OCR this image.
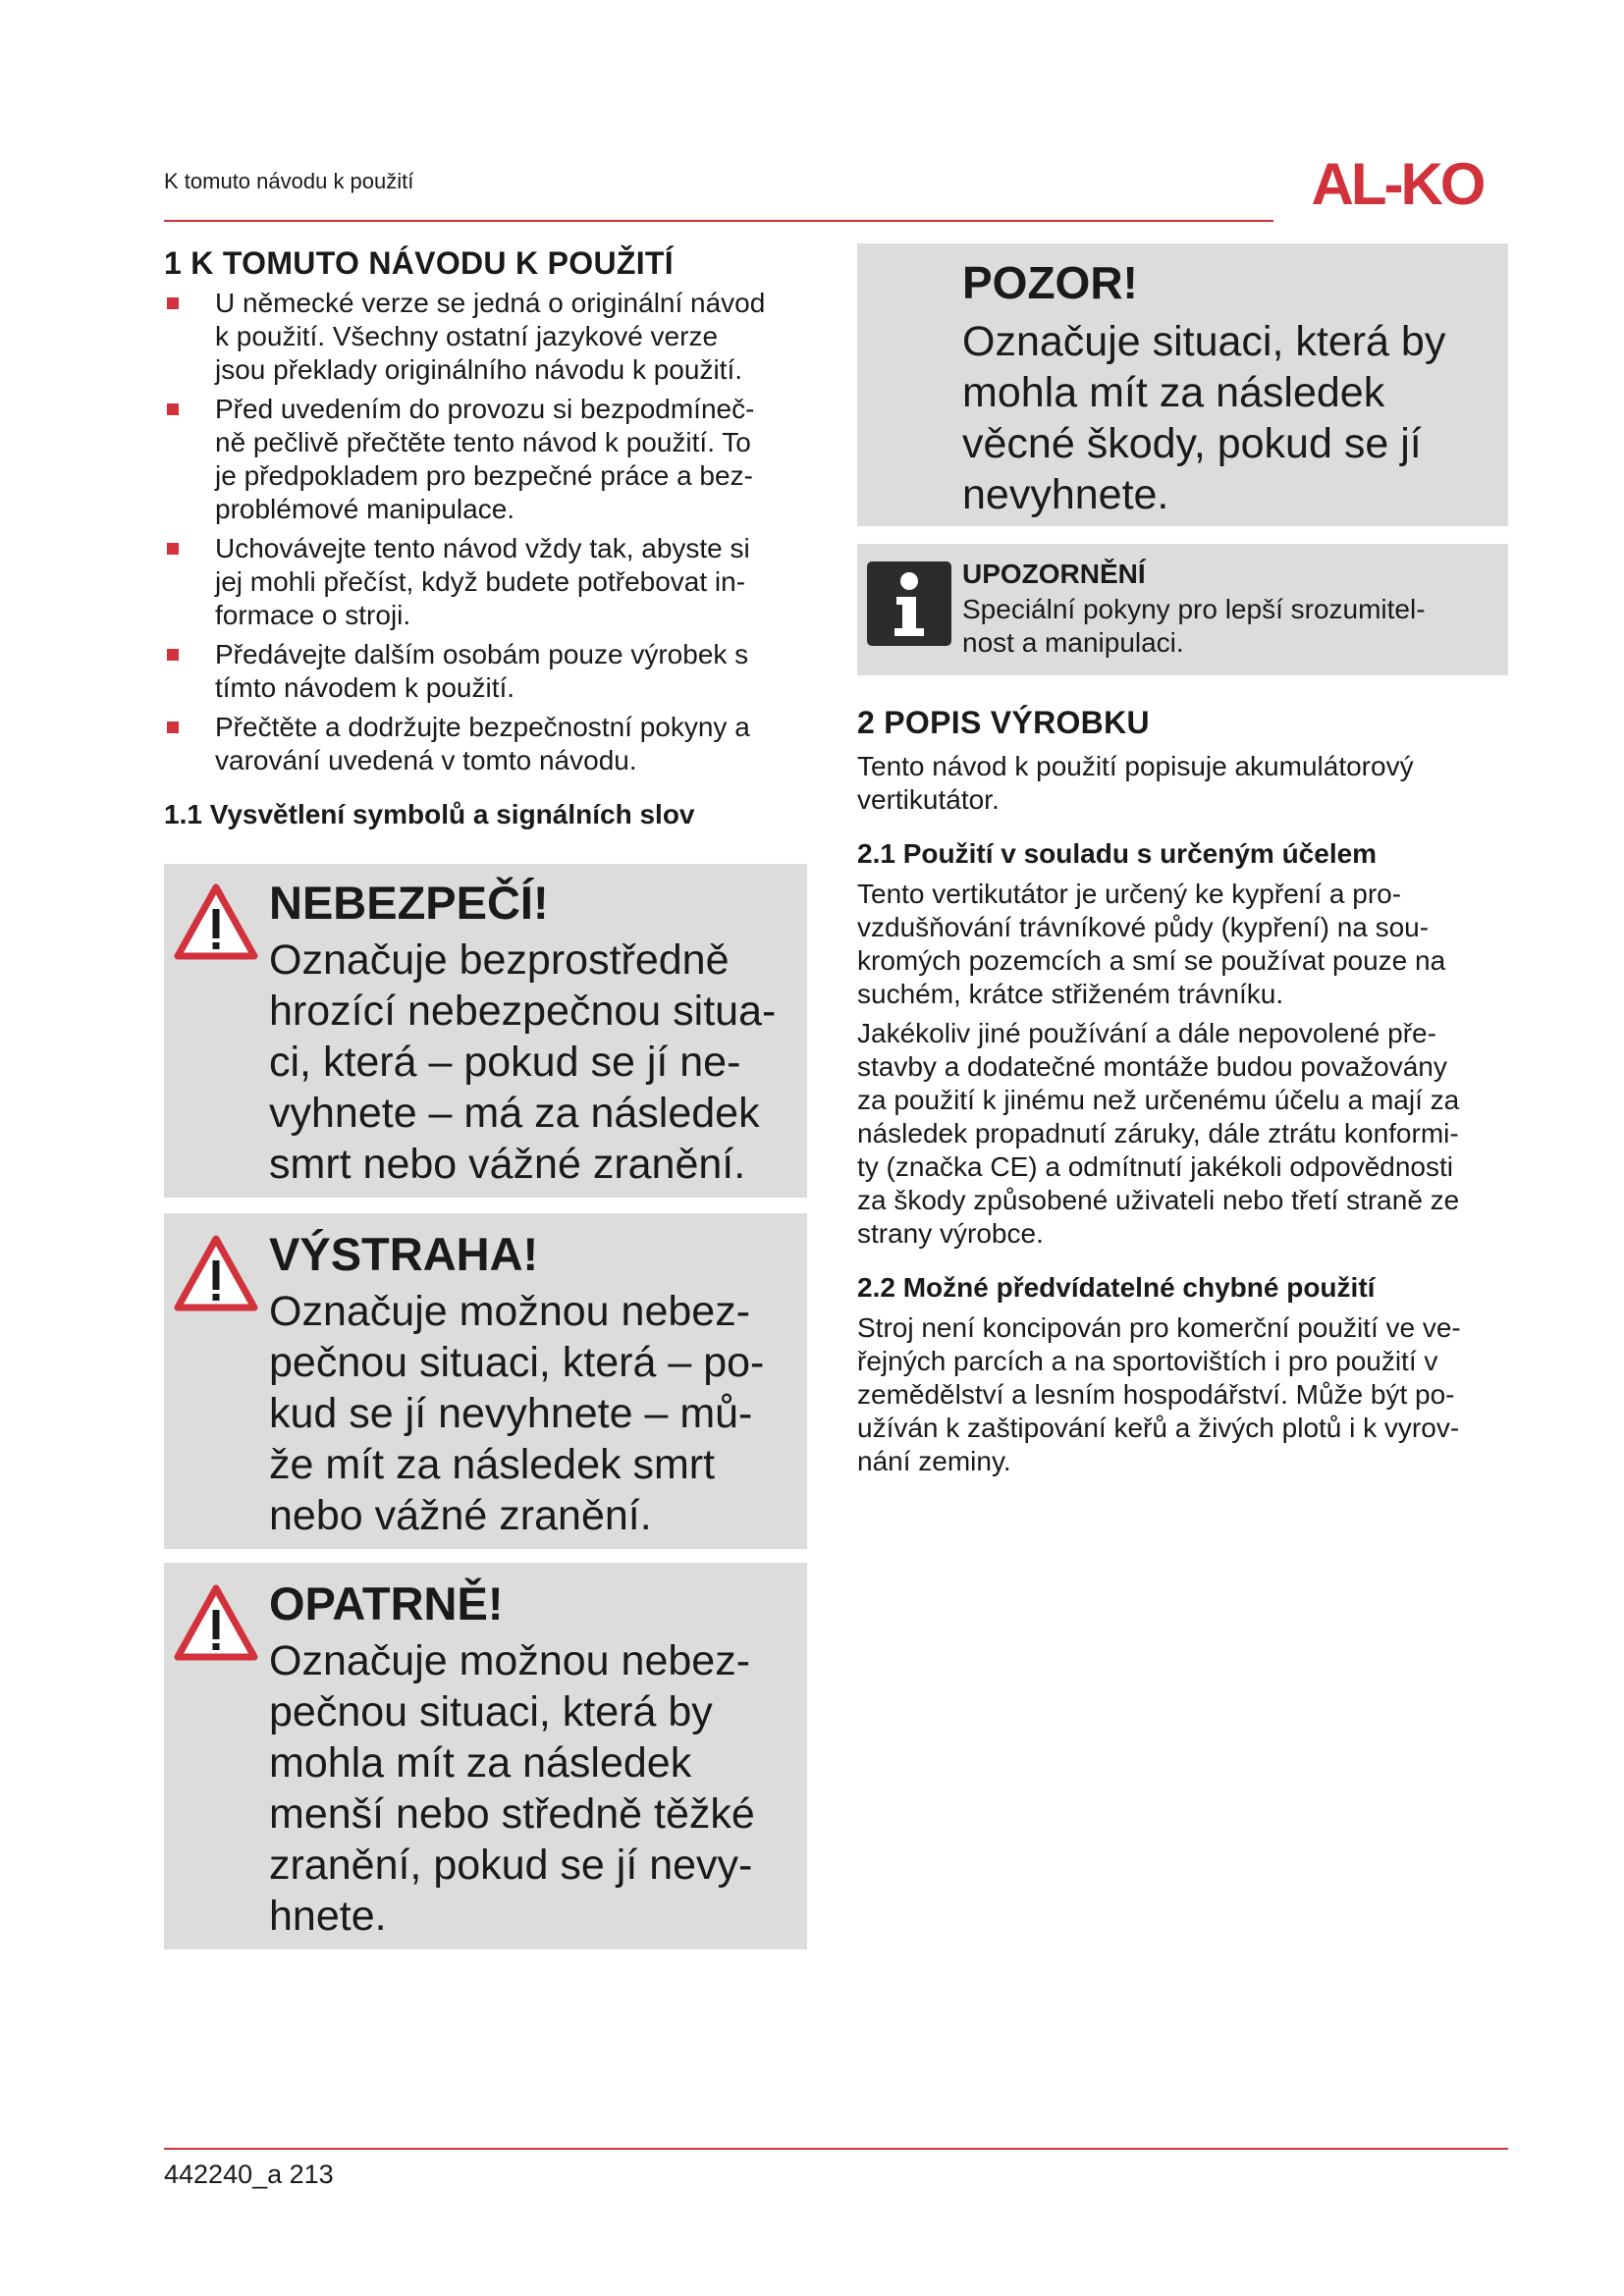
K tomuto návodu k použití	AL-KO
1 K TOMUTO NÁVODU K POUŽITÍ
U německé verze se jedná o originální návod
k použití. Všechny ostatní jazykové verze
jsou překlady originálního návodu k použití.
Před uvedením do provozu si bezpodmíneč-
ně pečlivě přečtěte tento návod k použití. To
je předpokladem pro bezpečné práce a bez-
problémové manipulace.
Uchovávejte tento návod vždy tak, abyste si
jej mohli přečíst, když budete potřebovat in-
formace o stroji.
Předávejte dalším osobám pouze výrobek s
tímto návodem k použití.
Přečtěte a dodržujte bezpečnostní pokyny a
varování uvedená v tomto návodu.
1.1 Vysvětlení symbolů a signálních slov
NEBEZPEČÍ!
Označuje bezprostředně
hrozící nebezpečnou situa-
ci, která – pokud se jí ne-
vyhnete – má za následek
smrt nebo vážné zranění.
VÝSTRAHA!
Označuje možnou nebez-
pečnou situaci, která – po-
kud se jí nevyhnete – mů-
že mít za následek smrt
nebo vážné zranění.
OPATRNĚ!
Označuje možnou nebez-
pečnou situaci, která by
mohla mít za následek
menší nebo středně těžké
zranění, pokud se jí nevy-
hnete.
POZOR!
Označuje situaci, která by
mohla mít za následek
věcné škody, pokud se jí
nevyhnete.
UPOZORNĚNÍ
Speciální pokyny pro lepší srozumitel-
nost a manipulaci.
2 POPIS VÝROBKU

Tento návod k použití popisuje akumulátorový
vertikutátor.

2.1 Použití v souladu s určeným účelem

Tento vertikutátor je určený ke kypření a pro-
vzdušňování trávníkové půdy (kypření) na sou-
kromých pozemcích a smí se používat pouze na
suchém, krátce střiženém trávníku.

Jakékoliv jiné používání a dále nepovolené pře-
stavby a dodatečné montáže budou považovány
za použití k jinému než určenému účelu a mají za
následek propadnutí záruky, dále ztrátu konformi-
ty (značka CE) a odmítnutí jakékoli odpovědnosti
za škody způsobené uživateli nebo třetí straně ze
strany výrobce.

2.2 Možné předvídatelné chybné použití

Stroj není koncipován pro komerční použití ve ve-
řejných parcích a na sportovištích i pro použití v
zemědělství a lesním hospodářství. Může být po-
užíván k zaštipování keřů a živých plotů i k vyrov-
nání zeminy.

442240_a 213
